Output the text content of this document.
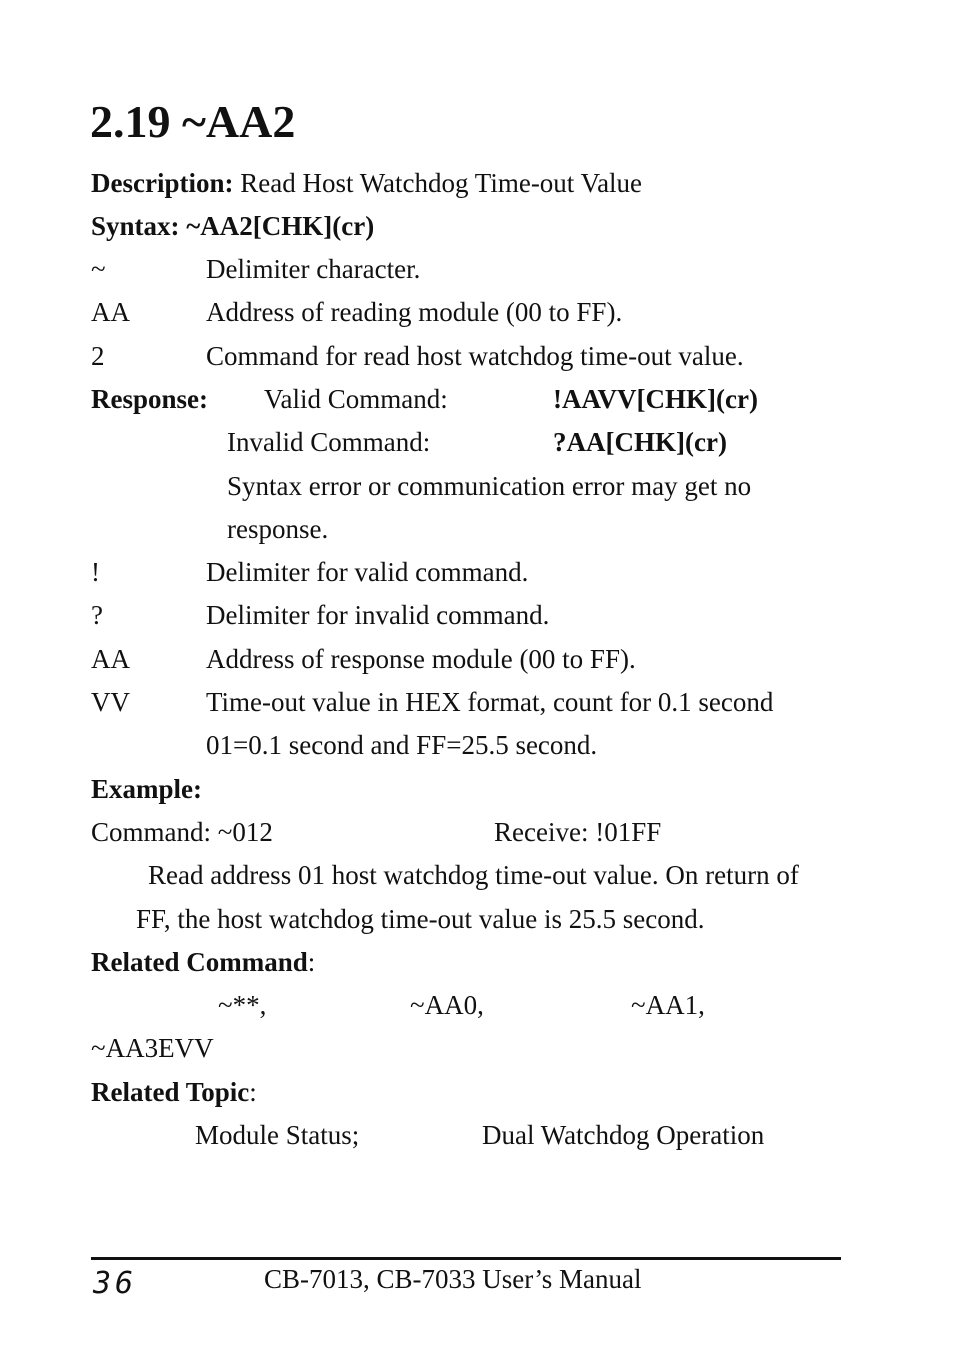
2.19 ~AA2
Description: Read Host Watchdog Time-out Value
Syntax: ~AA2[CHK](cr)
~	Delimiter character.
AA	Address of reading module (00 to FF).
2	Command for read host watchdog time-out value.
Response: Valid Command:	!AAVV[CHK](cr)
Invalid Command:	?AA[CHK](cr)
Syntax error or communication error may get no
response.
!	Delimiter for valid command.
?	Delimiter for invalid command.
AA	Address of response module (00 to FF).
VV	Time-out value in HEX format, count for 0.1 second
01=0.1 second and FF=25.5 second.
Example:
Command: ~012	Receive: !01FF
Read address 01 host watchdog time-out value. On return of
FF, the host watchdog time-out value is 25.5 second.
Related Command:
~**,	~AA0,	~AA1,
~AA3EVV
Related Topic:
Module Status;	Dual Watchdog Operation
36	CB-7013, CB-7033 User’s Manual
